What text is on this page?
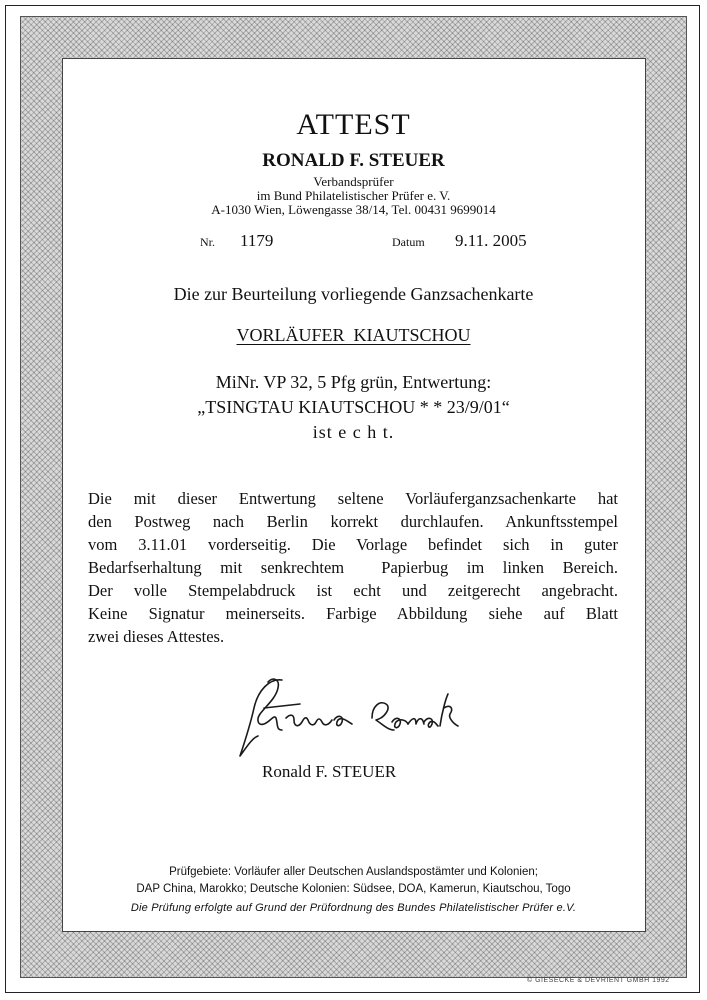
ATTEST
RONALD F. STEUER
Verbandsprüfer
im Bund Philatelistischer Prüfer e. V.
A-1030 Wien, Löwengasse 38/14, Tel. 00431 9699014
Nr. 1179	Datum 9.11. 2005
Die zur Beurteilung vorliegende Ganzsachenkarte
VORLÄUFER  KIAUTSCHOU
MiNr. VP 32, 5 Pfg grün, Entwertung:
„TSINGTAU KIAUTSCHOU * * 23/9/01“
ist e c h t.
Die mit dieser Entwertung seltene Vorläuferganzsachenkarte hat
den Postweg nach Berlin korrekt durchlaufen. Ankunftsstempel
vom 3.11.01 vorderseitig. Die Vorlage befindet sich in guter
Bedarfserhaltung mit senkrechtem  Papierbug im linken Bereich.
Der volle Stempelabdruck ist echt und zeitgerecht angebracht.
Keine Signatur meinerseits. Farbige Abbildung siehe auf Blatt
zwei dieses Attestes.
Ronald F. STEUER
Prüfgebiete: Vorläufer aller Deutschen Auslandspostämter und Kolonien;
DAP China, Marokko; Deutsche Kolonien: Südsee, DOA, Kamerun, Kiautschou, Togo
Die Prüfung erfolgte auf Grund der Prüfordnung des Bundes Philatelistischer Prüfer e.V.
© GIESECKE & DEVRIENT GMBH 1992
